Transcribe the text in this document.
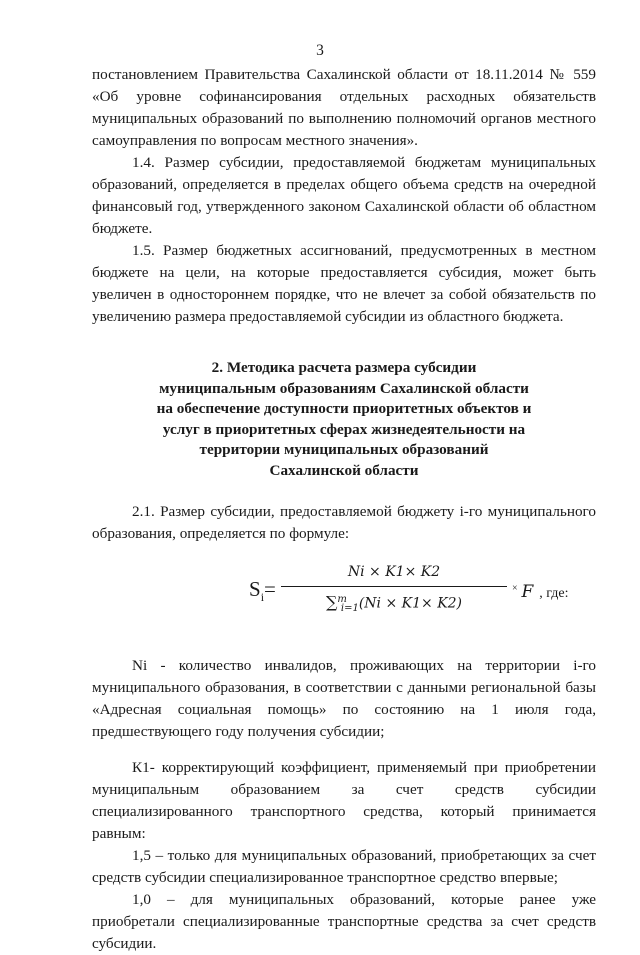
3

постановлением Правительства Сахалинской области от 18.11.2014 № 559 «Об уровне софинансирования отдельных расходных обязательств муниципальных образований по выполнению полномочий органов местного самоуправления по вопросам местного значения».

1.4. Размер субсидии, предоставляемой бюджетам муниципальных образований, определяется в пределах общего объема средств на очередной финансовый год, утвержденного законом Сахалинской области об областном бюджете.

1.5. Размер бюджетных ассигнований, предусмотренных в местном бюджете на цели, на которые предоставляется субсидия, может быть увеличен в одностороннем порядке, что не влечет за собой обязательств по увеличению размера предоставляемой субсидии из областного бюджета.

2. Методика расчета размера субсидии
муниципальным образованиям Сахалинской области
на обеспечение доступности приоритетных объектов и
услуг в приоритетных сферах жизнедеятельности на
территории муниципальных образований
Сахалинской области

2.1. Размер субсидии, предоставляемой бюджету i-го муниципального образования, определяется по формуле:

$S_i=$
Ni × K1× K2
∑$^m_{i=1}$(Ni × K1× K2)
× F , где:

Ni - количество инвалидов, проживающих на территории i-го муниципального образования, в соответствии с данными региональной базы «Адресная социальная помощь» по состоянию на 1 июля года, предшествующего году получения субсидии;

К1- корректирующий коэффициент, применяемый при приобретении муниципальным образованием за счет средств субсидии специализированного транспортного средства, который принимается равным:

1,5 – только для муниципальных образований, приобретающих за счет средств субсидии специализированное транспортное средство впервые;

1,0 – для муниципальных образований, которые ранее уже приобретали специализированные транспортные средства за счет средств субсидии.
